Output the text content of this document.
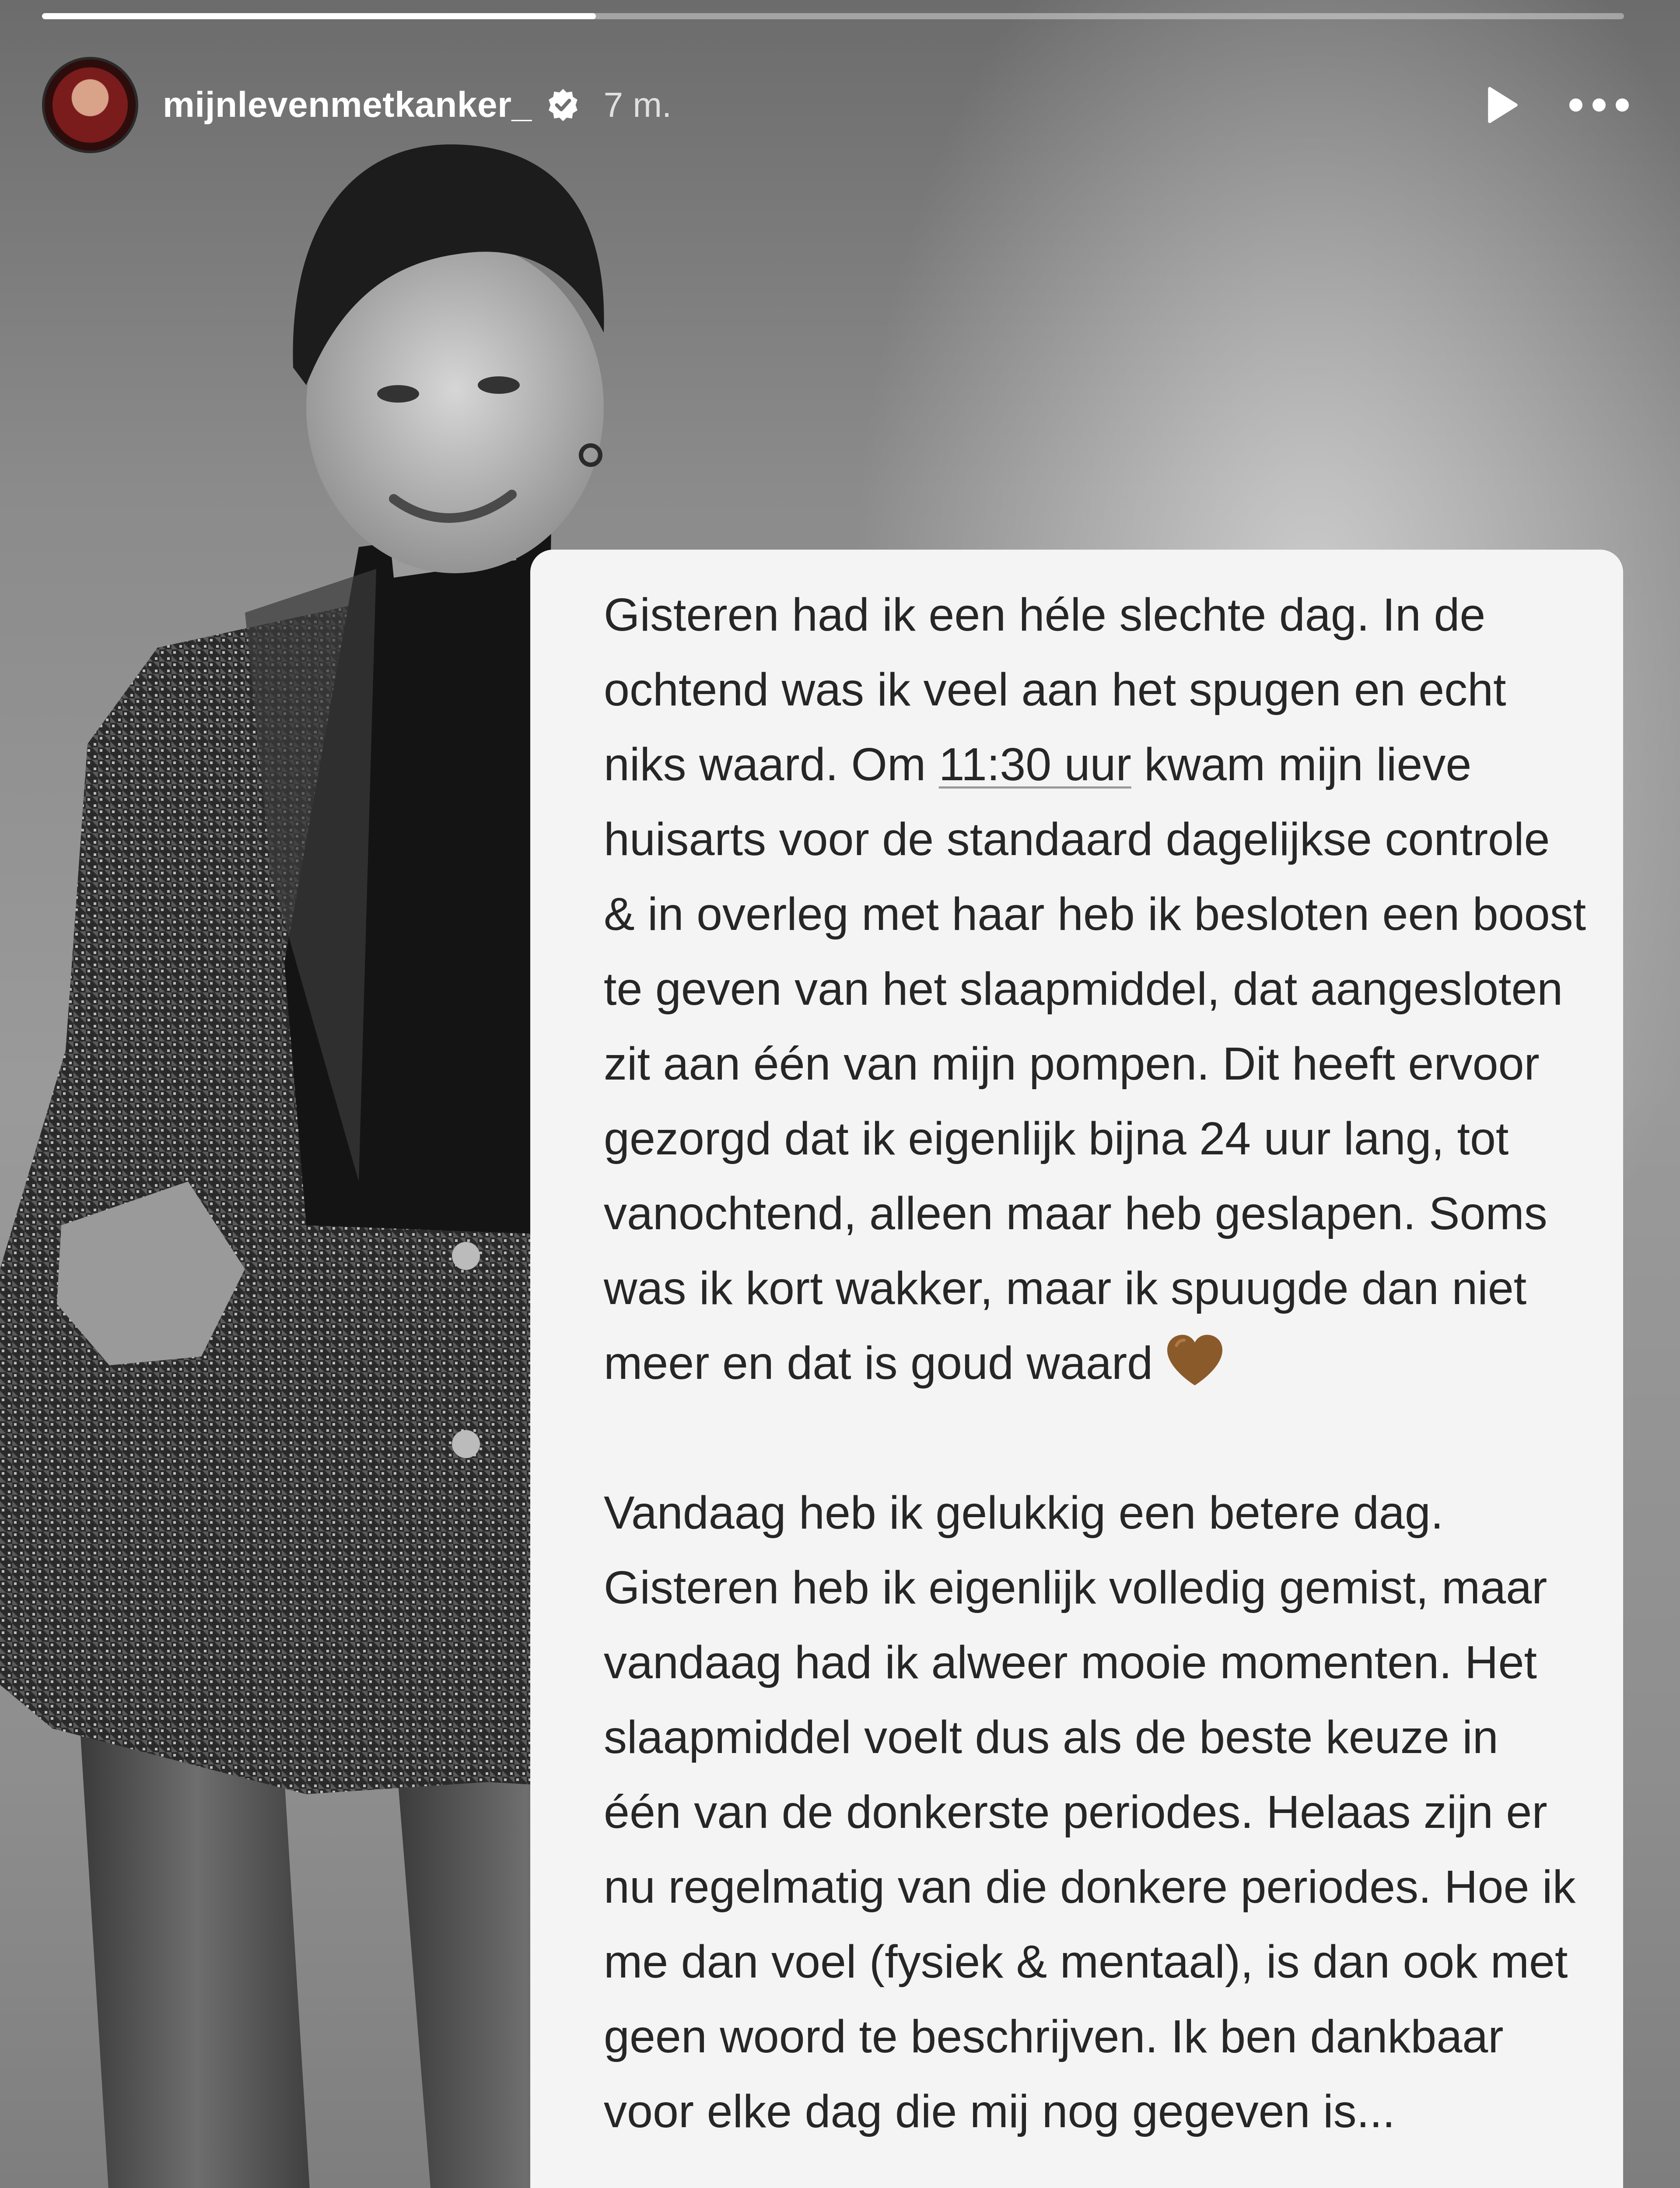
mijnlevenmetkanker_ 7 m.

Gisteren had ik een héle slechte dag. In de ochtend was ik veel aan het spugen en echt niks waard. Om 11:30 uur kwam mijn lieve huisarts voor de standaard dagelijkse controle & in overleg met haar heb ik besloten een boost te geven van het slaapmiddel, dat aangesloten zit aan één van mijn pompen. Dit heeft ervoor gezorgd dat ik eigenlijk bijna 24 uur lang, tot vanochtend, alleen maar heb geslapen. Soms was ik kort wakker, maar ik spuugde dan niet meer en dat is goud waard

Vandaag heb ik gelukkig een betere dag. Gisteren heb ik eigenlijk volledig gemist, maar vandaag had ik alweer mooie momenten. Het slaapmiddel voelt dus als de beste keuze in één van de donkerste periodes. Helaas zijn er nu regelmatig van die donkere periodes. Hoe ik me dan voel (fysiek & mentaal), is dan ook met geen woord te beschrijven. Ik ben dankbaar voor elke dag die mij nog gegeven is...
